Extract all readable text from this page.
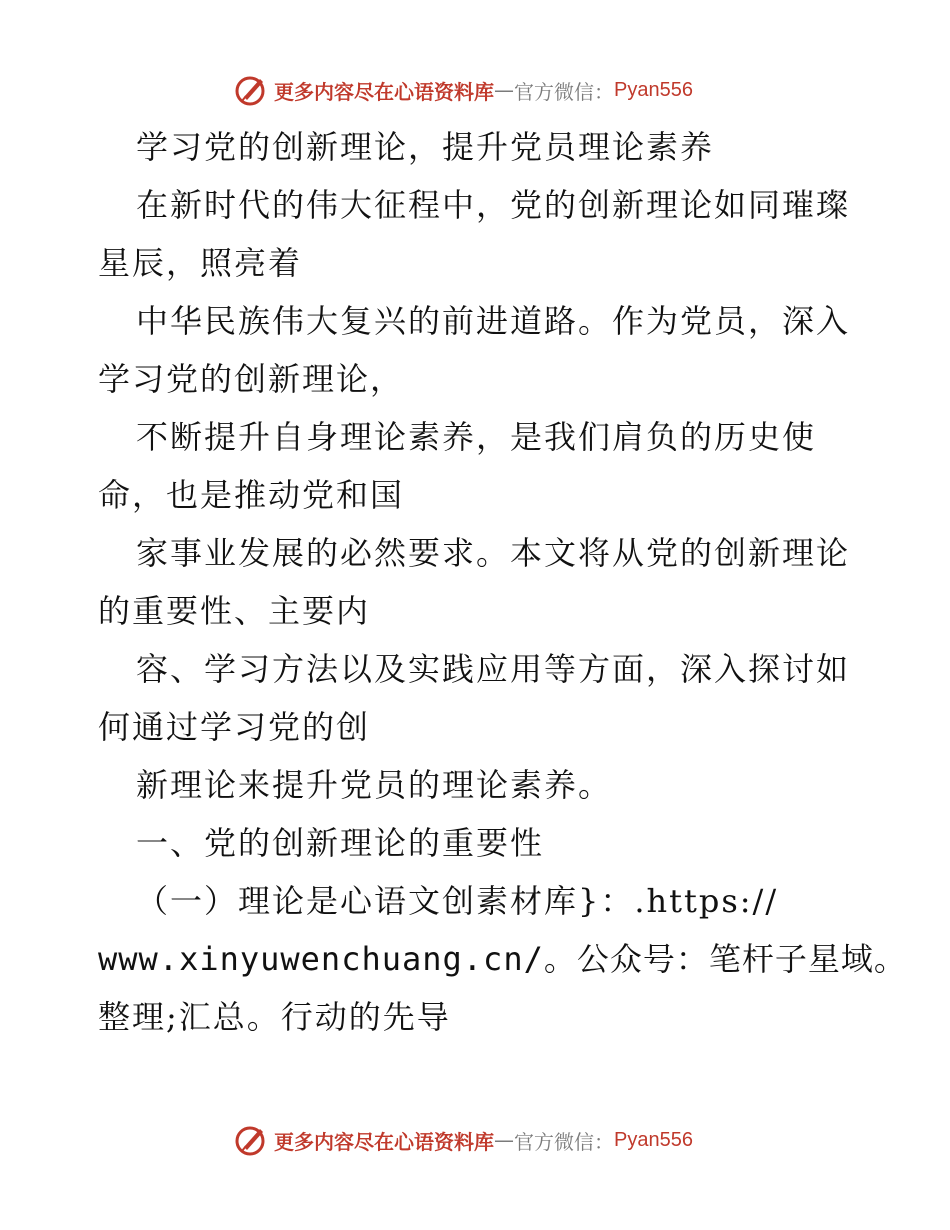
更多内容尽在心语资料库 — 官方微信： Pyan556
学习党的创新理论，提升党员理论素养
在新时代的伟大征程中，党的创新理论如同璀璨
星辰，照亮着
中华民族伟大复兴的前进道路。作为党员，深入
学习党的创新理论，
不断提升自身理论素养，是我们肩负的历史使
命，也是推动党和国
家事业发展的必然要求。本文将从党的创新理论
的重要性、主要内
容、学习方法以及实践应用等方面，深入探讨如
何通过学习党的创
新理论来提升党员的理论素养。
一、党的创新理论的重要性
（一）理论是心语文创素材库}：.https://
www.xinyuwenchuang.cn/。公众号：笔杆子星域。
整理;汇总。行动的先导
更多内容尽在心语资料库 — 官方微信： Pyan556
